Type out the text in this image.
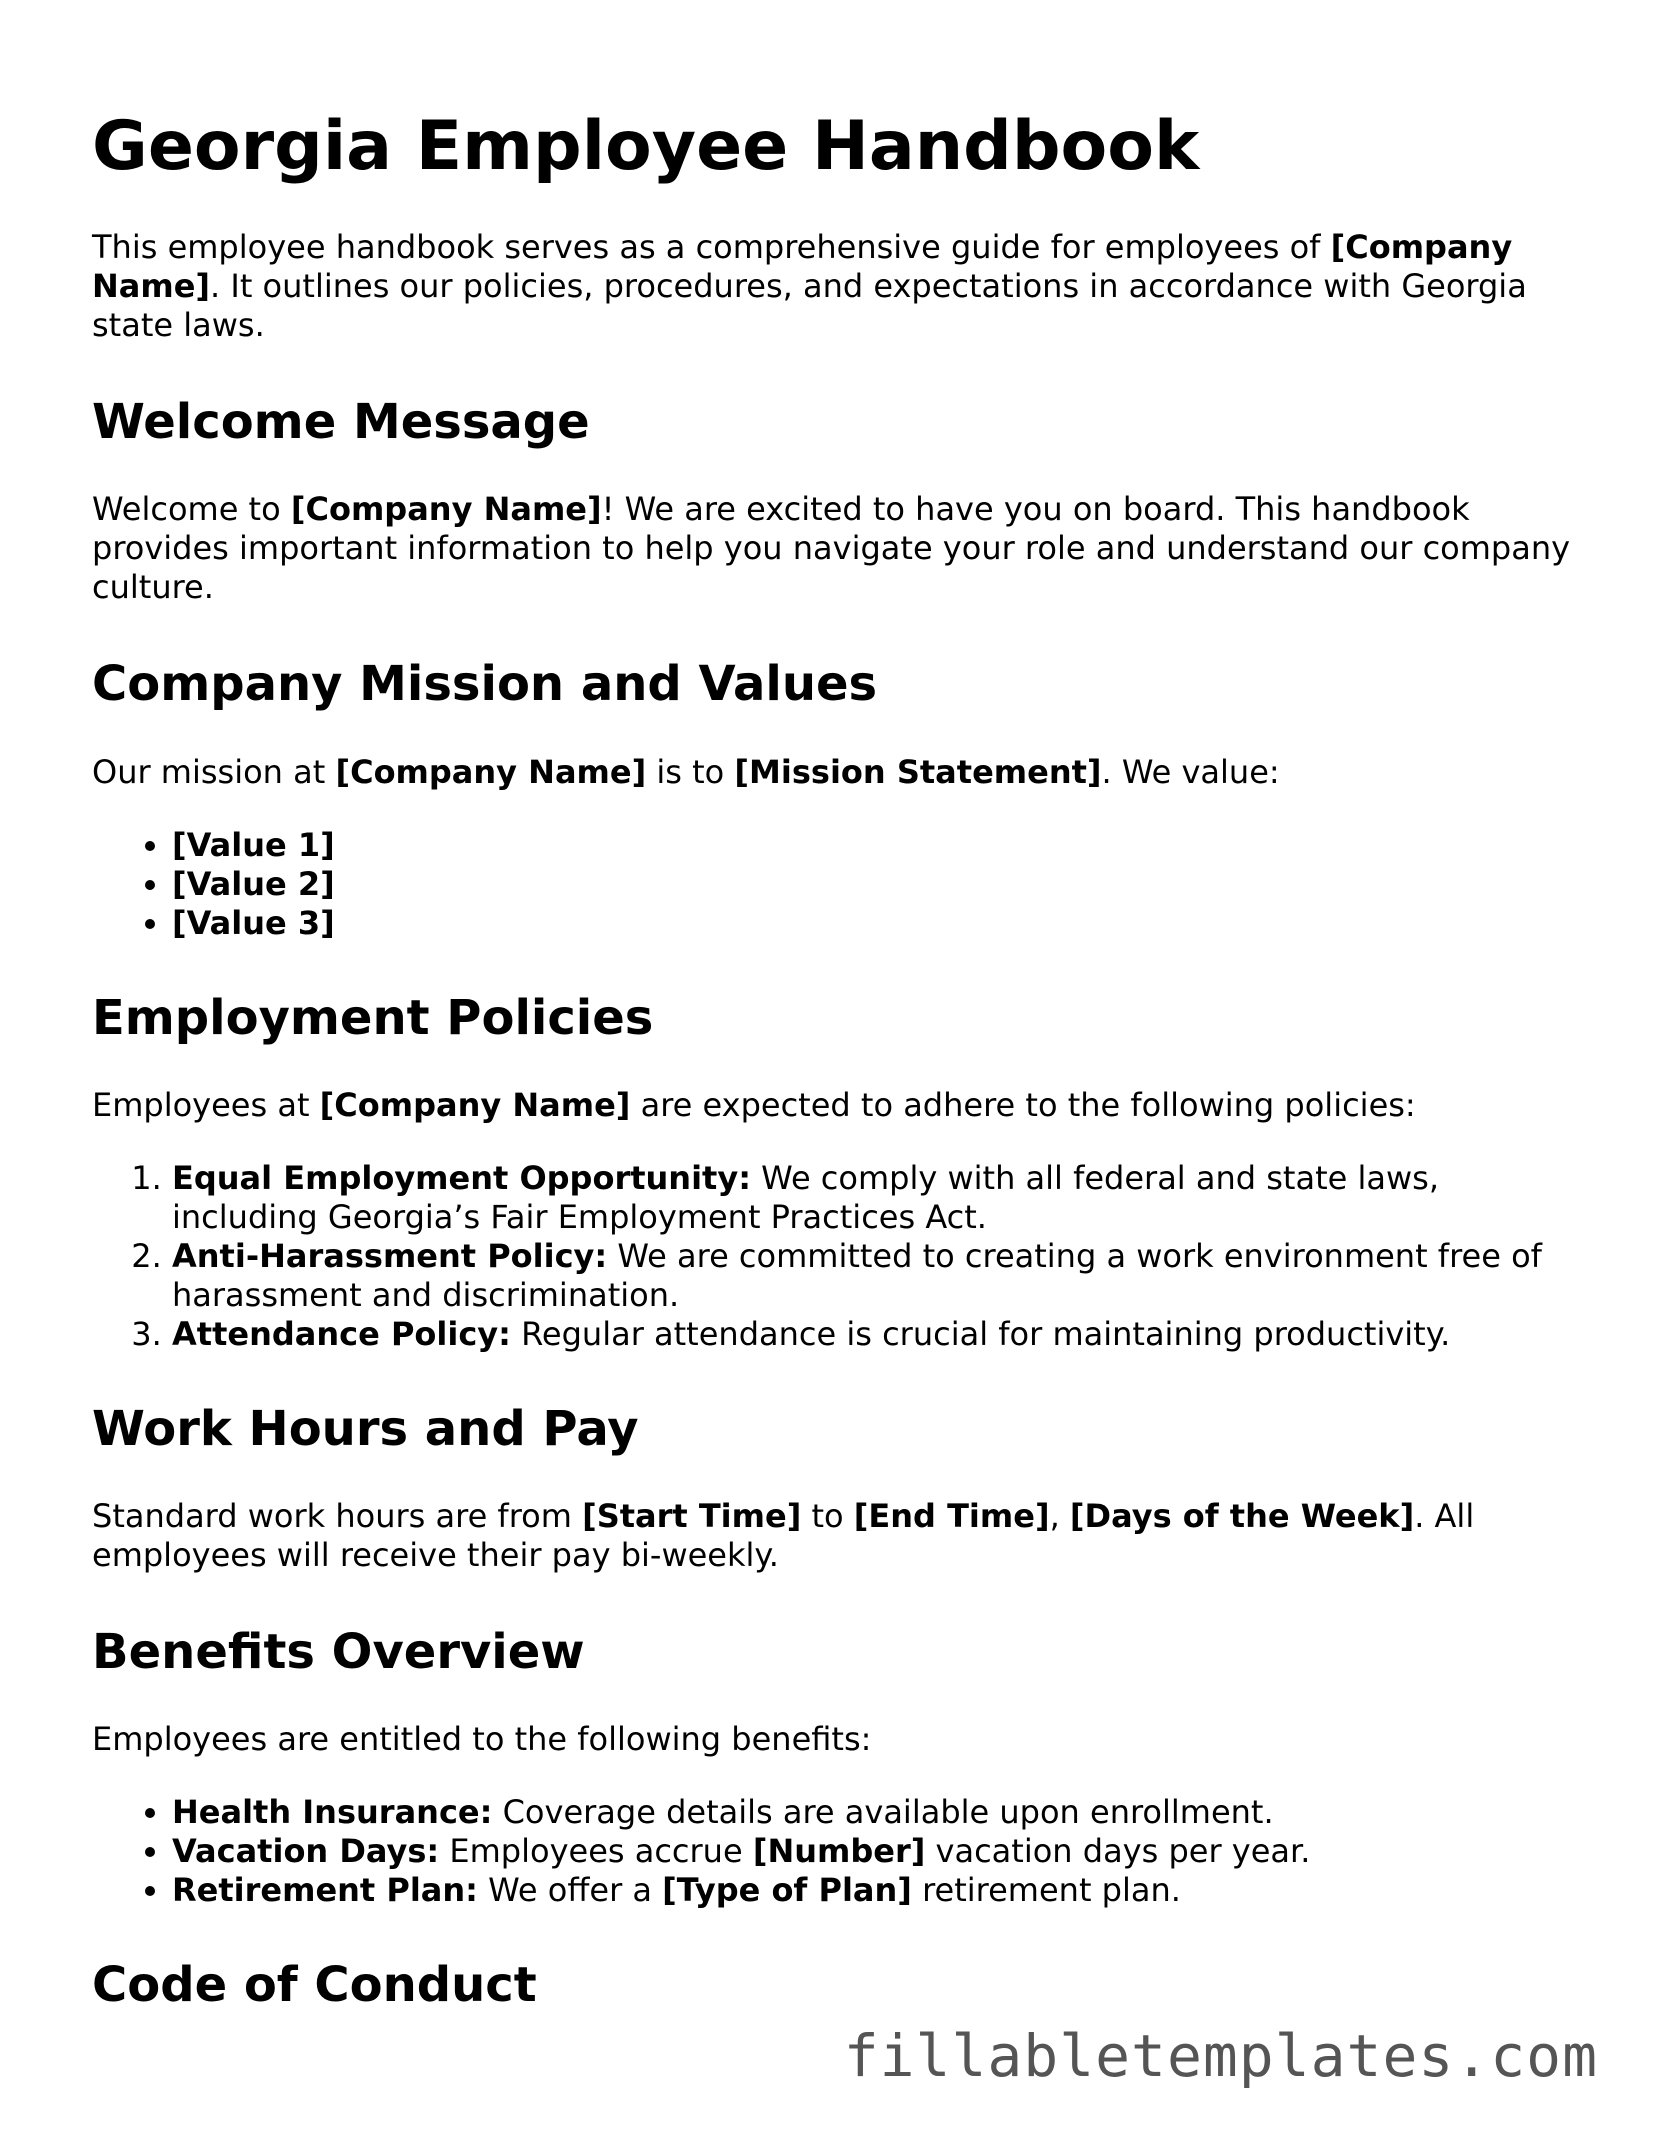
Georgia Employee Handbook

This employee handbook serves as a comprehensive guide for employees of [Company Name]. It outlines our policies, procedures, and expectations in accordance with Georgia state laws.

Welcome Message

Welcome to [Company Name]! We are excited to have you on board. This handbook provides important information to help you navigate your role and understand our company culture.

Company Mission and Values

Our mission at [Company Name] is to [Mission Statement]. We value:

• [Value 1]
• [Value 2]
• [Value 3]
Employment Policies

Employees at [Company Name] are expected to adhere to the following policies:

1. Equal Employment Opportunity: We comply with all federal and state laws, including Georgia’s Fair Employment Practices Act.
2. Anti-Harassment Policy: We are committed to creating a work environment free of harassment and discrimination.
3. Attendance Policy: Regular attendance is crucial for maintaining productivity.
Work Hours and Pay

Standard work hours are from [Start Time] to [End Time], [Days of the Week]. All employees will receive their pay bi-weekly.

Benefits Overview

Employees are entitled to the following benefits:

• Health Insurance: Coverage details are available upon enrollment.
• Vacation Days: Employees accrue [Number] vacation days per year.
• Retirement Plan: We offer a [Type of Plan] retirement plan.
Code of Conduct
fillabletemplates.com
